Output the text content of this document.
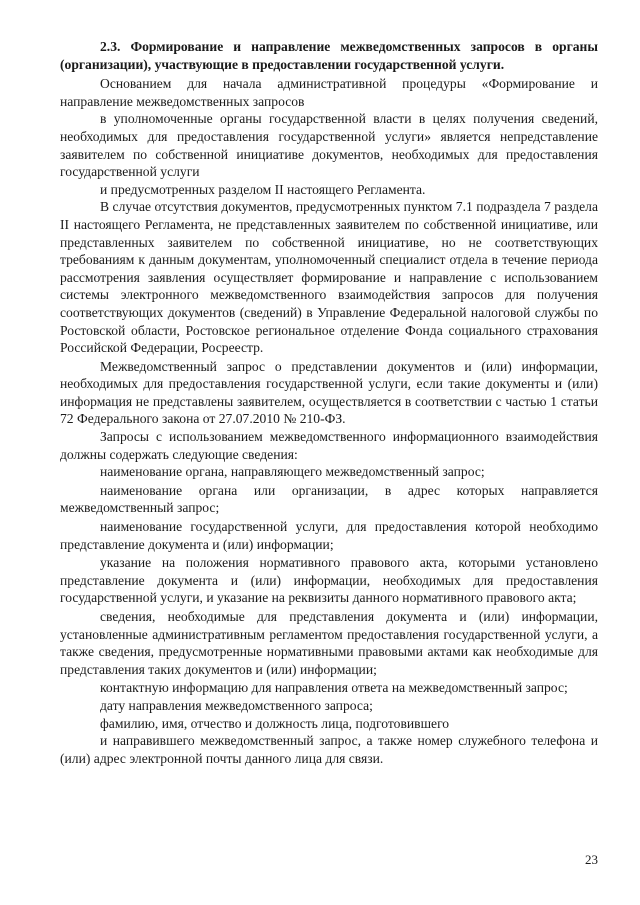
2.3. Формирование и направление межведомственных запросов в органы (организации), участвующие в предоставлении государственной услуги.

Основанием для начала административной процедуры «Формирование и направление межведомственных запросов

в уполномоченные органы государственной власти в целях получения сведений, необходимых для предоставления государственной услуги» является непредставление заявителем по собственной инициативе документов, необходимых для предоставления государственной услуги

и предусмотренных разделом II настоящего Регламента.

В случае отсутствия документов, предусмотренных пунктом 7.1 подраздела 7 раздела II настоящего Регламента, не представленных заявителем по собственной инициативе, или представленных заявителем по собственной инициативе, но не соответствующих требованиям к данным документам, уполномоченный специалист отдела в течение периода рассмотрения заявления осуществляет формирование и направление с использованием системы электронного межведомственного взаимодействия запросов для получения соответствующих документов (сведений) в Управление Федеральной налоговой службы по Ростовской области, Ростовское региональное отделение Фонда социального страхования Российской Федерации, Росреестр.

Межведомственный запрос о представлении документов и (или) информации, необходимых для предоставления государственной услуги, если такие документы и (или) информация не представлены заявителем, осуществляется в соответствии с частью 1 статьи 72 Федерального закона от 27.07.2010 № 210-ФЗ.

Запросы с использованием межведомственного информационного взаимодействия должны содержать следующие сведения:

наименование органа, направляющего межведомственный запрос;

наименование органа или организации, в адрес которых направляется межведомственный запрос;

наименование государственной услуги, для предоставления которой необходимо представление документа и (или) информации;

указание на положения нормативного правового акта, которыми установлено представление документа и (или) информации, необходимых для предоставления государственной услуги, и указание на реквизиты данного нормативного правового акта;

сведения, необходимые для представления документа и (или) информации, установленные административным регламентом предоставления государственной услуги, а также сведения, предусмотренные нормативными правовыми актами как необходимые для представления таких документов и (или) информации;

контактную информацию для направления ответа на межведомственный запрос;

дату направления межведомственного запроса;

фамилию, имя, отчество и должность лица, подготовившего

и направившего межведомственный запрос, а также номер служебного телефона и (или) адрес электронной почты данного лица для связи.

23
